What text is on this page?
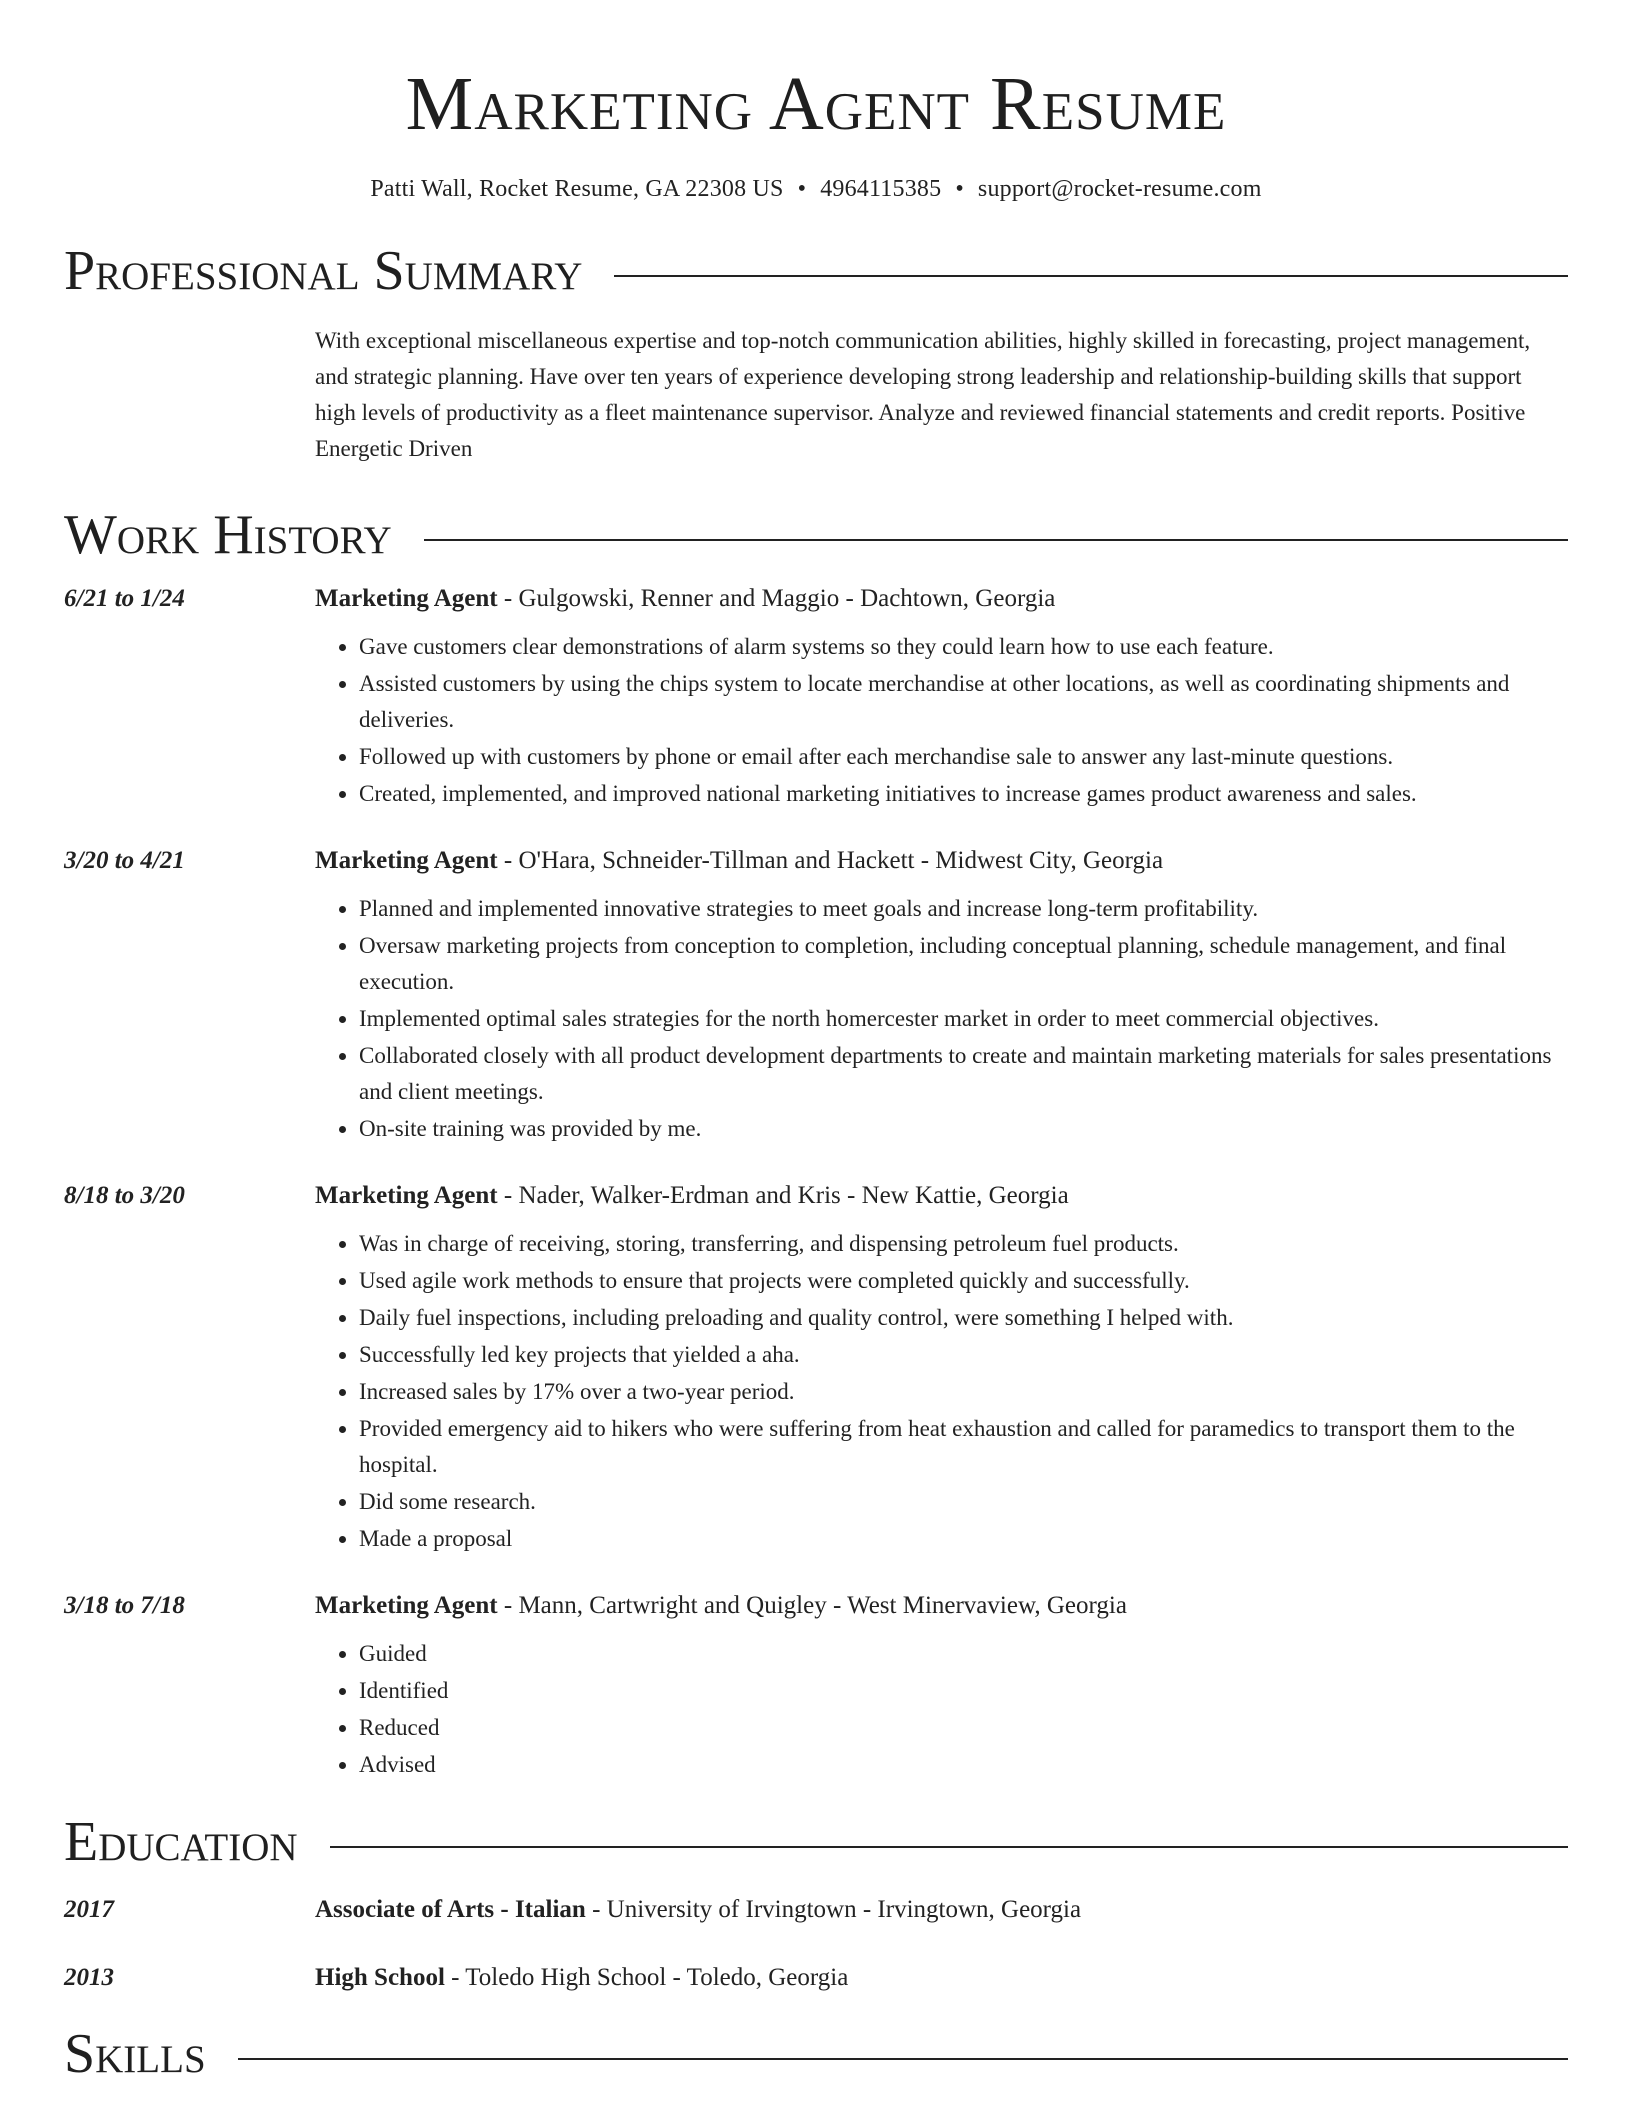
Marketing Agent Resume
Patti Wall, Rocket Resume, GA 22308 US • 4964115385 • support@rocket-resume.com
Professional Summary
With exceptional miscellaneous expertise and top-notch communication abilities, highly skilled in forecasting, project management, and strategic planning. Have over ten years of experience developing strong leadership and relationship-building skills that support high levels of productivity as a fleet maintenance supervisor. Analyze and reviewed financial statements and credit reports. Positive Energetic Driven
Work History
6/21 to 1/24	Marketing Agent - Gulgowski, Renner and Maggio - Dachtown, Georgia
• Gave customers clear demonstrations of alarm systems so they could learn how to use each feature.
• Assisted customers by using the chips system to locate merchandise at other locations, as well as coordinating shipments and deliveries.
• Followed up with customers by phone or email after each merchandise sale to answer any last-minute questions.
• Created, implemented, and improved national marketing initiatives to increase games product awareness and sales.
3/20 to 4/21	Marketing Agent - O'Hara, Schneider-Tillman and Hackett - Midwest City, Georgia
• Planned and implemented innovative strategies to meet goals and increase long-term profitability.
• Oversaw marketing projects from conception to completion, including conceptual planning, schedule management, and final execution.
• Implemented optimal sales strategies for the north homercester market in order to meet commercial objectives.
• Collaborated closely with all product development departments to create and maintain marketing materials for sales presentations and client meetings.
• On-site training was provided by me.
8/18 to 3/20	Marketing Agent - Nader, Walker-Erdman and Kris - New Kattie, Georgia
• Was in charge of receiving, storing, transferring, and dispensing petroleum fuel products.
• Used agile work methods to ensure that projects were completed quickly and successfully.
• Daily fuel inspections, including preloading and quality control, were something I helped with.
• Successfully led key projects that yielded a aha.
• Increased sales by 17% over a two-year period.
• Provided emergency aid to hikers who were suffering from heat exhaustion and called for paramedics to transport them to the hospital.
• Did some research.
• Made a proposal
3/18 to 7/18	Marketing Agent - Mann, Cartwright and Quigley - West Minervaview, Georgia
• Guided
• Identified
• Reduced
• Advised
Education
2017	Associate of Arts - Italian - University of Irvingtown - Irvingtown, Georgia
2013	High School - Toledo High School - Toledo, Georgia
Skills
